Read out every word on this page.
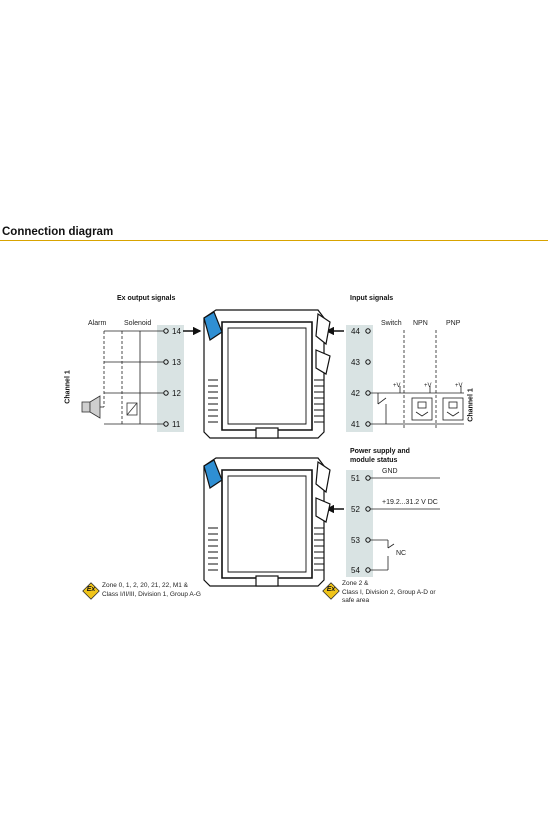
Connection diagram
Ex output signals
Alarm	Solenoid
Channel 1
14
13
12
11
Input signals
Switch NPN	PNP
+V	+V	+V
Channel 1
44
43
42
41
Power supply and
module status
GND
+19.2...31.2 V DC
NC
51
52
53
54
Ex
Zone 0, 1, 2, 20, 21, 22, M1 &
Class I/II/III, Division 1, Group A-G
Ex
Zone 2 &
Class I, Division 2, Group A-D or
safe area
